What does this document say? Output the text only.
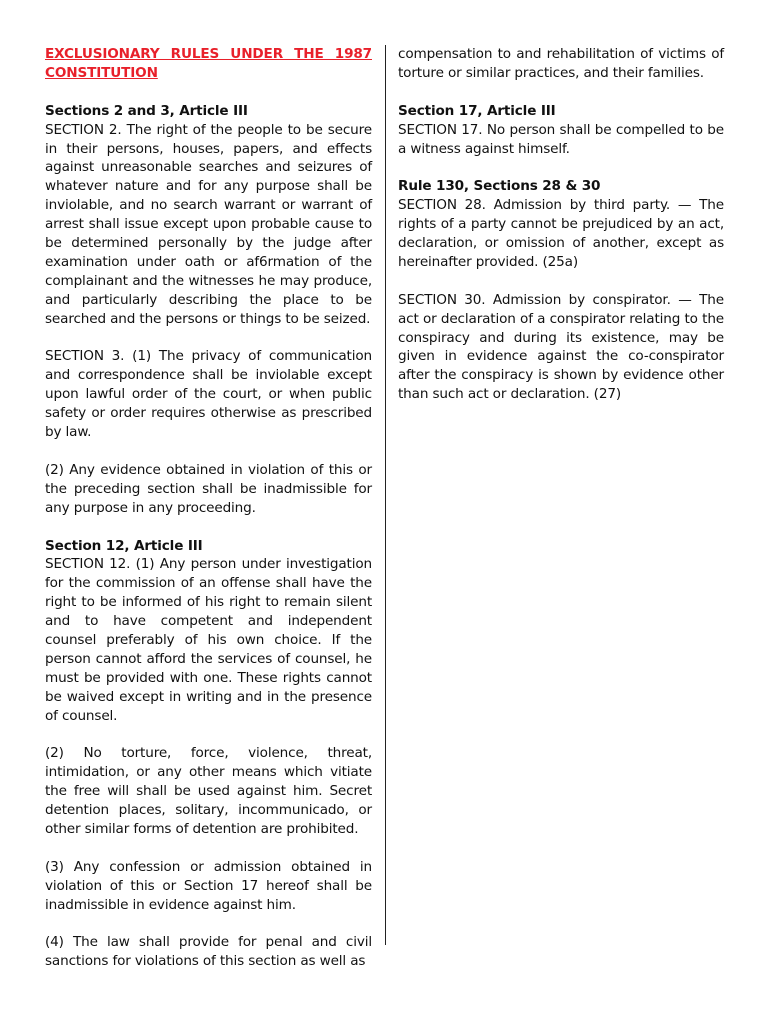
EXCLUSIONARY RULES UNDER THE 1987 CONSTITUTION

Sections 2 and 3, Article III

SECTION 2. The right of the people to be secure in their persons, houses, papers, and effects against unreasonable searches and seizures of whatever nature and for any purpose shall be inviolable, and no search warrant or warrant of arrest shall issue except upon probable cause to be determined personally by the judge after examination under oath or af6rmation of the complainant and the witnesses he may produce, and particularly describing the place to be searched and the persons or things to be seized.

SECTION 3. (1) The privacy of communication and correspondence shall be inviolable except upon lawful order of the court, or when public safety or order requires otherwise as prescribed by law.

(2) Any evidence obtained in violation of this or the preceding section shall be inadmissible for any purpose in any proceeding.

Section 12, Article III

SECTION 12. (1) Any person under investigation for the commission of an offense shall have the right to be informed of his right to remain silent and to have competent and independent counsel preferably of his own choice. If the person cannot afford the services of counsel, he must be provided with one. These rights cannot be waived except in writing and in the presence of counsel.

(2) No torture, force, violence, threat, intimidation, or any other means which vitiate the free will shall be used against him. Secret detention places, solitary, incommunicado, or other similar forms of detention are prohibited.

(3) Any confession or admission obtained in violation of this or Section 17 hereof shall be inadmissible in evidence against him.

(4) The law shall provide for penal and civil sanctions for violations of this section as well as

compensation to and rehabilitation of victims of torture or similar practices, and their families.

Section 17, Article III

SECTION 17. No person shall be compelled to be a witness against himself.

Rule 130, Sections 28 & 30

SECTION 28. Admission by third party. — The rights of a party cannot be prejudiced by an act, declaration, or omission of another, except as hereinafter provided. (25a)

SECTION 30. Admission by conspirator. — The act or declaration of a conspirator relating to the conspiracy and during its existence, may be given in evidence against the co-conspirator after the conspiracy is shown by evidence other than such act or declaration. (27)
